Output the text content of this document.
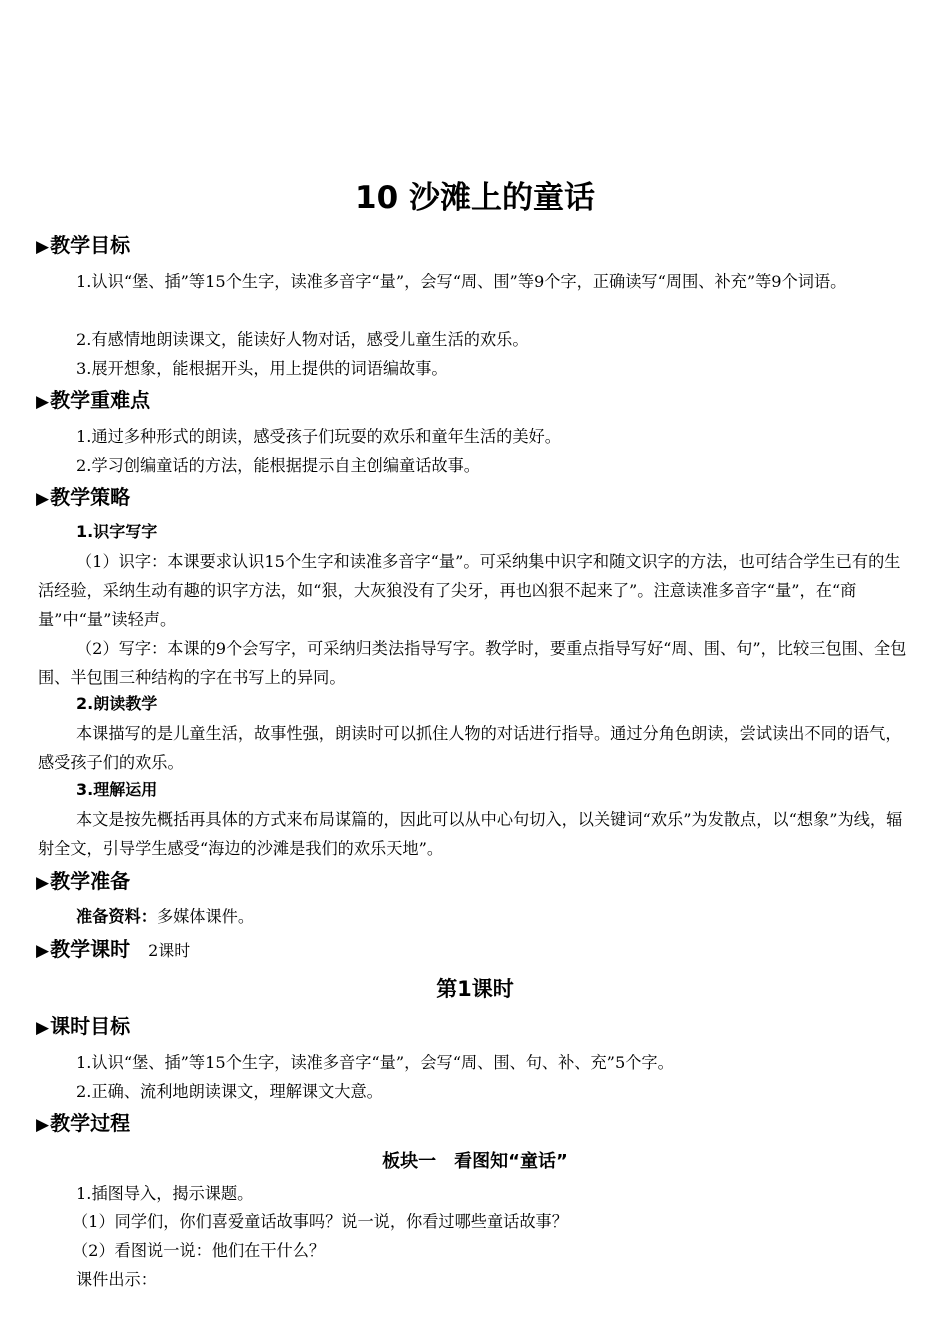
10 沙滩上的童话
▶教学目标
1.认识“堡、插”等15个生字，读准多音字“量”，会写“周、围”等9个字，正确读写“周围、补充”等9个词语。
2.有感情地朗读课文，能读好人物对话，感受儿童生活的欢乐。
3.展开想象，能根据开头，用上提供的词语编故事。
▶教学重难点
1.通过多种形式的朗读，感受孩子们玩耍的欢乐和童年生活的美好。
2.学习创编童话的方法，能根据提示自主创编童话故事。
▶教学策略
1.识字写字
（1）识字：本课要求认识15个生字和读准多音字“量”。可采纳集中识字和随文识字的方法，也可结合学生已有的生活经验，采纳生动有趣的识字方法，如“狠，大灰狼没有了尖牙，再也凶狠不起来了”。注意读准多音字“量”，在“商量”中“量”读轻声。
（2）写字：本课的9个会写字，可采纳归类法指导写字。教学时，要重点指导写好“周、围、句”，比较三包围、全包围、半包围三种结构的字在书写上的异同。
2.朗读教学
本课描写的是儿童生活，故事性强，朗读时可以抓住人物的对话进行指导。通过分角色朗读，尝试读出不同的语气，感受孩子们的欢乐。
3.理解运用
本文是按先概括再具体的方式来布局谋篇的，因此可以从中心句切入，以关键词“欢乐”为发散点，以“想象”为线，辐射全文，引导学生感受“海边的沙滩是我们的欢乐天地”。
▶教学准备
准备资料：多媒体课件。
▶教学课时 2课时
第1课时
▶课时目标
1.认识“堡、插”等15个生字，读准多音字“量”，会写“周、围、句、补、充”5个字。
2.正确、流利地朗读课文，理解课文大意。
▶教学过程
板块一　看图知“童话”
1.插图导入，揭示课题。
（1）同学们，你们喜爱童话故事吗？说一说，你看过哪些童话故事？
（2）看图说一说：他们在干什么？
课件出示：
